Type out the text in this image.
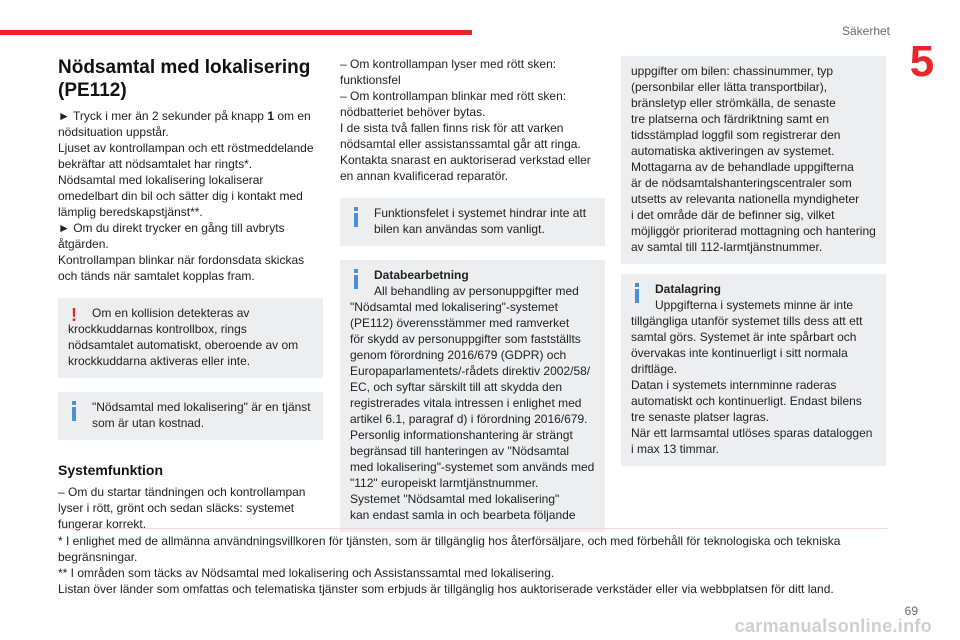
Säkerhet
5
Nödsamtal med lokalisering
(PE112)

► Tryck i mer än 2 sekunder på knapp 1 om en

nödsituation uppstår.

Ljuset av kontrollampan och ett röstmeddelande

bekräftar att nödsamtalet har ringts*.

Nödsamtal med lokalisering lokaliserar

omedelbart din bil och sätter dig i kontakt med

lämplig beredskapstjänst**.

► Om du direkt trycker en gång till avbryts

åtgärden.

Kontrollampan blinkar när fordonsdata skickas

och tänds när samtalet kopplas fram.

!	Om en kollision detekteras av

krockkuddarnas kontrollbox, rings

nödsamtalet automatiskt, oberoende av om

krockkuddarna aktiveras eller inte.

"Nödsamtal med lokalisering" är en tjänst

som är utan kostnad.

Systemfunktion

– Om du startar tändningen och kontrollampan

lyser i rött, grönt och sedan släcks: systemet

fungerar korrekt.

– Om kontrollampan lyser med rött sken:

funktionsfel

– Om kontrollampan blinkar med rött sken:

nödbatteriet behöver bytas.

I de sista två fallen finns risk för att varken

nödsamtal eller assistanssamtal går att ringa.

Kontakta snarast en auktoriserad verkstad eller

en annan kvalificerad reparatör.

Funktionsfelet i systemet hindrar inte att

bilen kan användas som vanligt.

Databearbetning

All behandling av personuppgifter med

"Nödsamtal med lokalisering"-systemet

(PE112) överensstämmer med ramverket

för skydd av personuppgifter som fastställts

genom förordning 2016/679 (GDPR) och

Europaparlamentets/-rådets direktiv 2002/58/

EC, och syftar särskilt till att skydda den

registrerades vitala intressen i enlighet med

artikel 6.1, paragraf d) i förordning 2016/679.

Personlig informationshantering är strängt

begränsad till hanteringen av "Nödsamtal

med lokalisering"-systemet som används med

"112" europeiskt larmtjänstnummer.

Systemet "Nödsamtal med lokalisering"

kan endast samla in och bearbeta följande

uppgifter om bilen: chassinummer, typ

(personbilar eller lätta transportbilar),

bränsletyp eller strömkälla, de senaste

tre platserna och färdriktning samt en

tidsstämplad loggfil som registrerar den

automatiska aktiveringen av systemet.

Mottagarna av de behandlade uppgifterna

är de nödsamtalshanteringscentraler som

utsetts av relevanta nationella myndigheter

i det område där de befinner sig, vilket

möjliggör prioriterad mottagning och hantering

av samtal till 112-larmtjänstnummer.

Datalagring

Uppgifterna i systemets minne är inte

tillgängliga utanför systemet tills dess att ett

samtal görs. Systemet är inte spårbart och

övervakas inte kontinuerligt i sitt normala

driftläge.

Datan i systemets internminne raderas

automatiskt och kontinuerligt. Endast bilens

tre senaste platser lagras.

När ett larmsamtal utlöses sparas dataloggen

i max 13 timmar.

* I enlighet med de allmänna användningsvillkoren för tjänsten, som är tillgänglig hos återförsäljare, och med förbehåll för teknologiska och tekniska

begränsningar.

** I områden som täcks av Nödsamtal med lokalisering och Assistanssamtal med lokalisering.

Listan över länder som omfattas och telematiska tjänster som erbjuds är tillgänglig hos auktoriserade verkstäder eller via webbplatsen för ditt land.

69
carmanualsonline.info
